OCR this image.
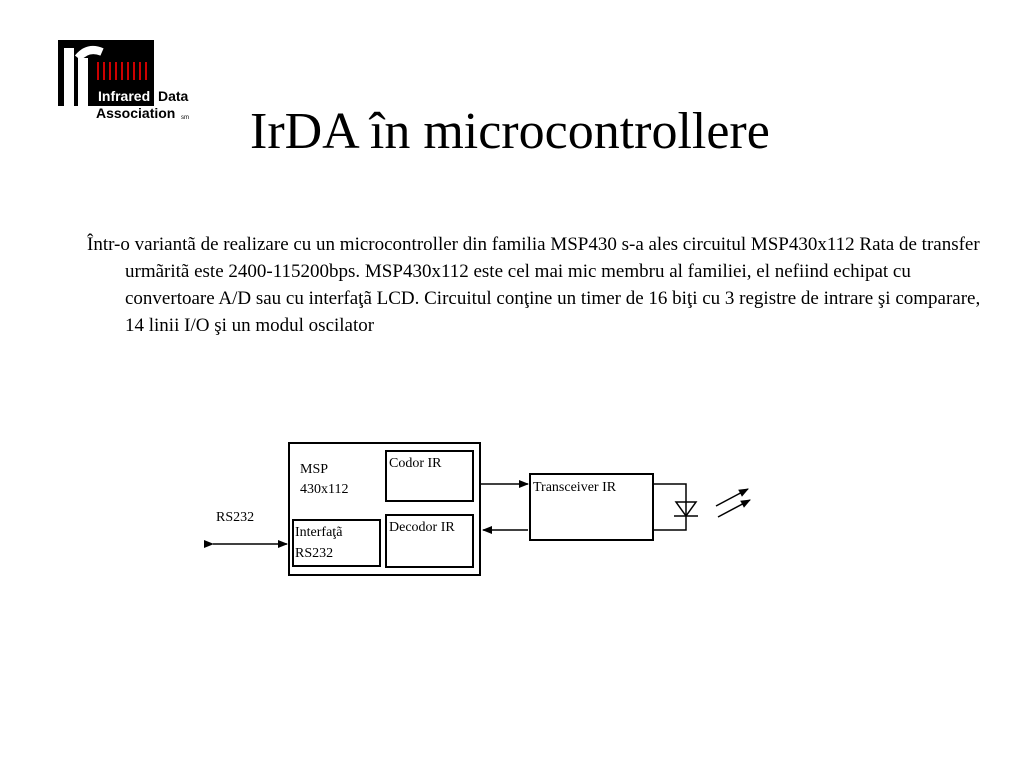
Infrared Data
Association sm IrDA în microcontrollere
Într-o variantã de realizare cu un microcontroller din familia MSP430 s-a ales circuitul MSP430x112 Rata de transfer urmãritã este 2400-115200bps. MSP430x112 este cel mai mic membru al familiei, el nefiind echipat cu convertoare A/D sau cu interfaţã LCD. Circuitul conţine un timer de 16 biţi cu 3 registre de intrare şi comparare, 14 linii I/O şi un modul oscilator
MSP
430x112
Codor IR
Decodor IR
Interfaţã
RS232
RS232
Transceiver IR
